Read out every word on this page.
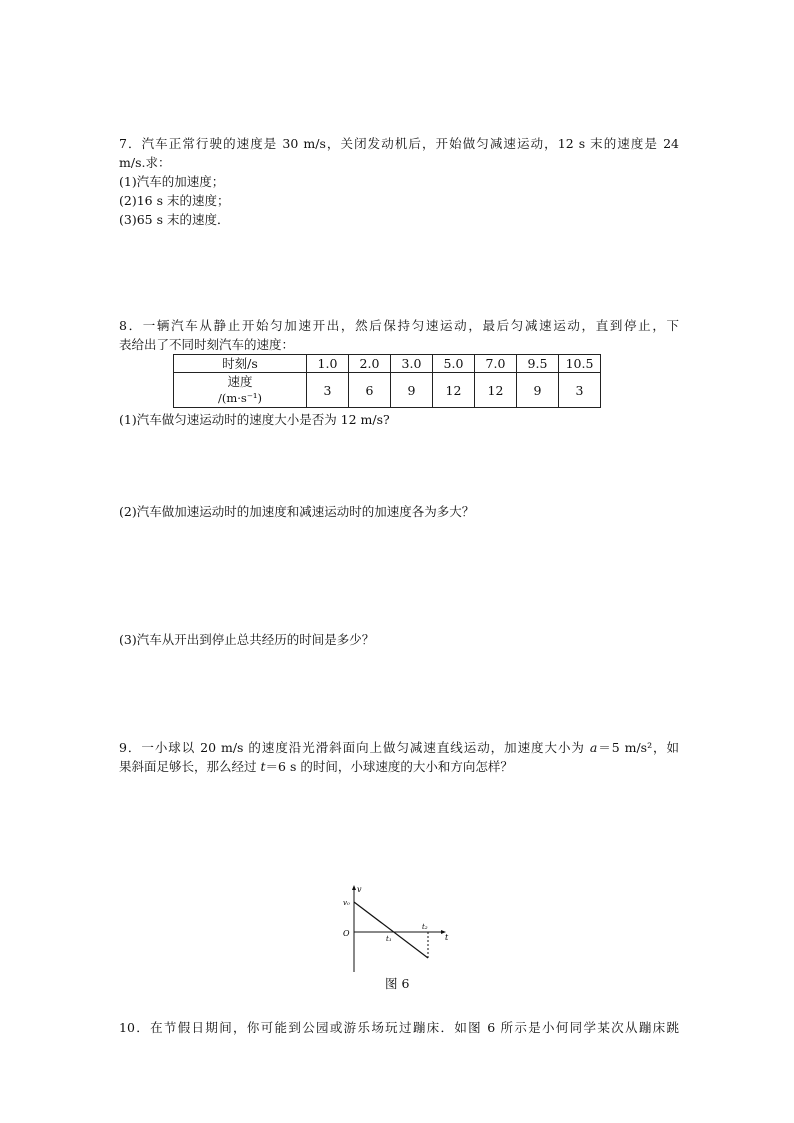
7．汽车正常行驶的速度是 30 m/s，关闭发动机后，开始做匀减速运动，12 s 末的速度是 24
m/s.求：
(1)汽车的加速度；
(2)16 s 末的速度；
(3)65 s 末的速度．
8．一辆汽车从静止开始匀加速开出，然后保持匀速运动，最后匀减速运动，直到停止，下
表给出了不同时刻汽车的速度：
时刻/s	1.0	2.0	3.0	5.0	7.0	9.5	10.5

速度
/(m·s⁻¹)	3	6	9	12	12	9	3
(1)汽车做匀速运动时的速度大小是否为 12 m/s?
(2)汽车做加速运动时的加速度和减速运动时的加速度各为多大？
(3)汽车从开出到停止总共经历的时间是多少？
9．一小球以 20 m/s 的速度沿光滑斜面向上做匀减速直线运动，加速度大小为 a＝5 m/s²，如
果斜面足够长，那么经过 t＝6 s 的时间，小球速度的大小和方向怎样？
v
v₀
O	t
t₁
t₂
图 6
10．在节假日期间，你可能到公园或游乐场玩过蹦床．如图 6 所示是小何同学某次从蹦床跳
